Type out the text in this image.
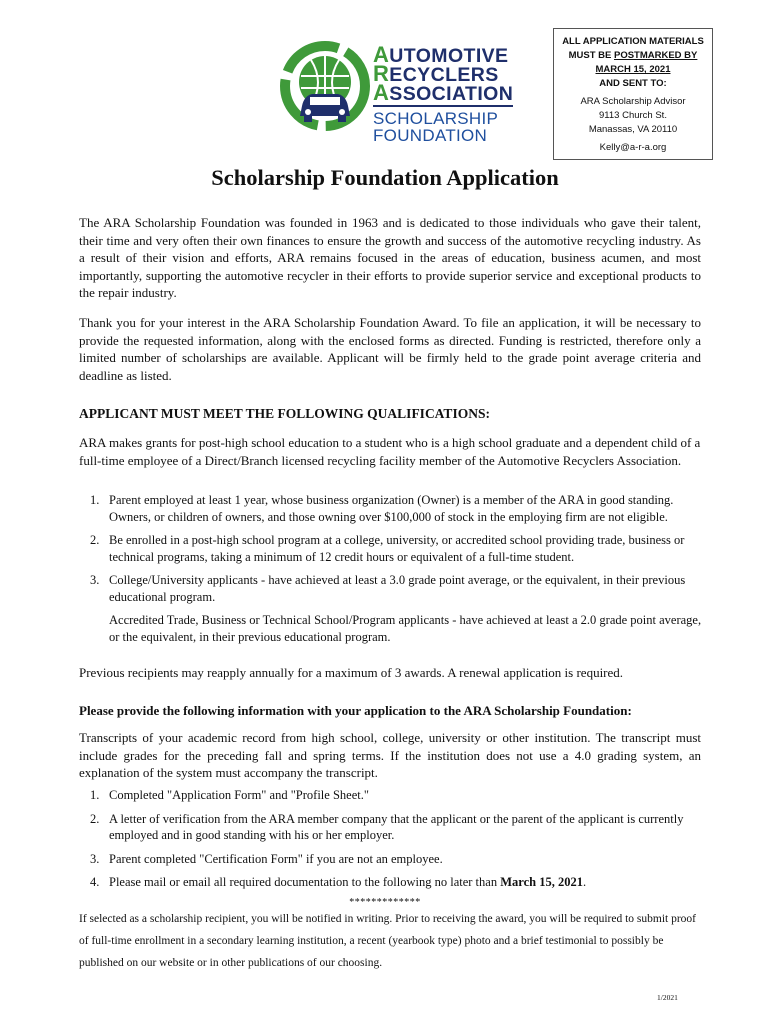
AUTOMOTIVE
RECYCLERS
ASSOCIATION
SCHOLARSHIP
FOUNDATION
ALL APPLICATION MATERIALS
MUST BE POSTMARKED BY
MARCH 15, 2021
AND SENT TO:
ARA Scholarship Advisor
9113 Church St.
Manassas, VA 20110
Kelly@a-r-a.org
Scholarship Foundation Application

The ARA Scholarship Foundation was founded in 1963 and is dedicated to those individuals who gave their talent, their time and very often their own finances to ensure the growth and success of the automotive recycling industry. As a result of their vision and efforts, ARA remains focused in the areas of education, business acumen, and most importantly, supporting the automotive recycler in their efforts to provide superior service and exceptional products to the repair industry.

Thank you for your interest in the ARA Scholarship Foundation Award. To file an application, it will be necessary to provide the requested information, along with the enclosed forms as directed. Funding is restricted, therefore only a limited number of scholarships are available. Applicant will be firmly held to the grade point average criteria and deadline as listed.

APPLICANT MUST MEET THE FOLLOWING QUALIFICATIONS:

ARA makes grants for post-high school education to a student who is a high school graduate and a dependent child of a full-time employee of a Direct/Branch licensed recycling facility member of the Automotive Recyclers Association.

1. Parent employed at least 1 year, whose business organization (Owner) is a member of the ARA in good standing. Owners, or children of owners, and those owning over $100,000 of stock in the employing firm are not eligible.
2. Be enrolled in a post-high school program at a college, university, or accredited school providing trade, business or technical programs, taking a minimum of 12 credit hours or equivalent of a full-time student.
3. College/University applicants - have achieved at least a 3.0 grade point average, or the equivalent, in their previous educational program.
Accredited Trade, Business or Technical School/Program applicants - have achieved at least a 2.0 grade point average, or the equivalent, in their previous educational program.

Previous recipients may reapply annually for a maximum of 3 awards. A renewal application is required.

Please provide the following information with your application to the ARA Scholarship Foundation:

Transcripts of your academic record from high school, college, university or other institution. The transcript must include grades for the preceding fall and spring terms. If the institution does not use a 4.0 grading system, an explanation of the system must accompany the transcript.

1. Completed "Application Form" and "Profile Sheet."
2. A letter of verification from the ARA member company that the applicant or the parent of the applicant is currently employed and in good standing with his or her employer.
3. Parent completed "Certification Form" if you are not an employee.
4. Please mail or email all required documentation to the following no later than March 15, 2021.
*************
If selected as a scholarship recipient, you will be notified in writing. Prior to receiving the award, you will be required to submit proof of full-time enrollment in a secondary learning institution, a recent (yearbook type) photo and a brief testimonial to possibly be published on our website or in other publications of our choosing.
1/2021
